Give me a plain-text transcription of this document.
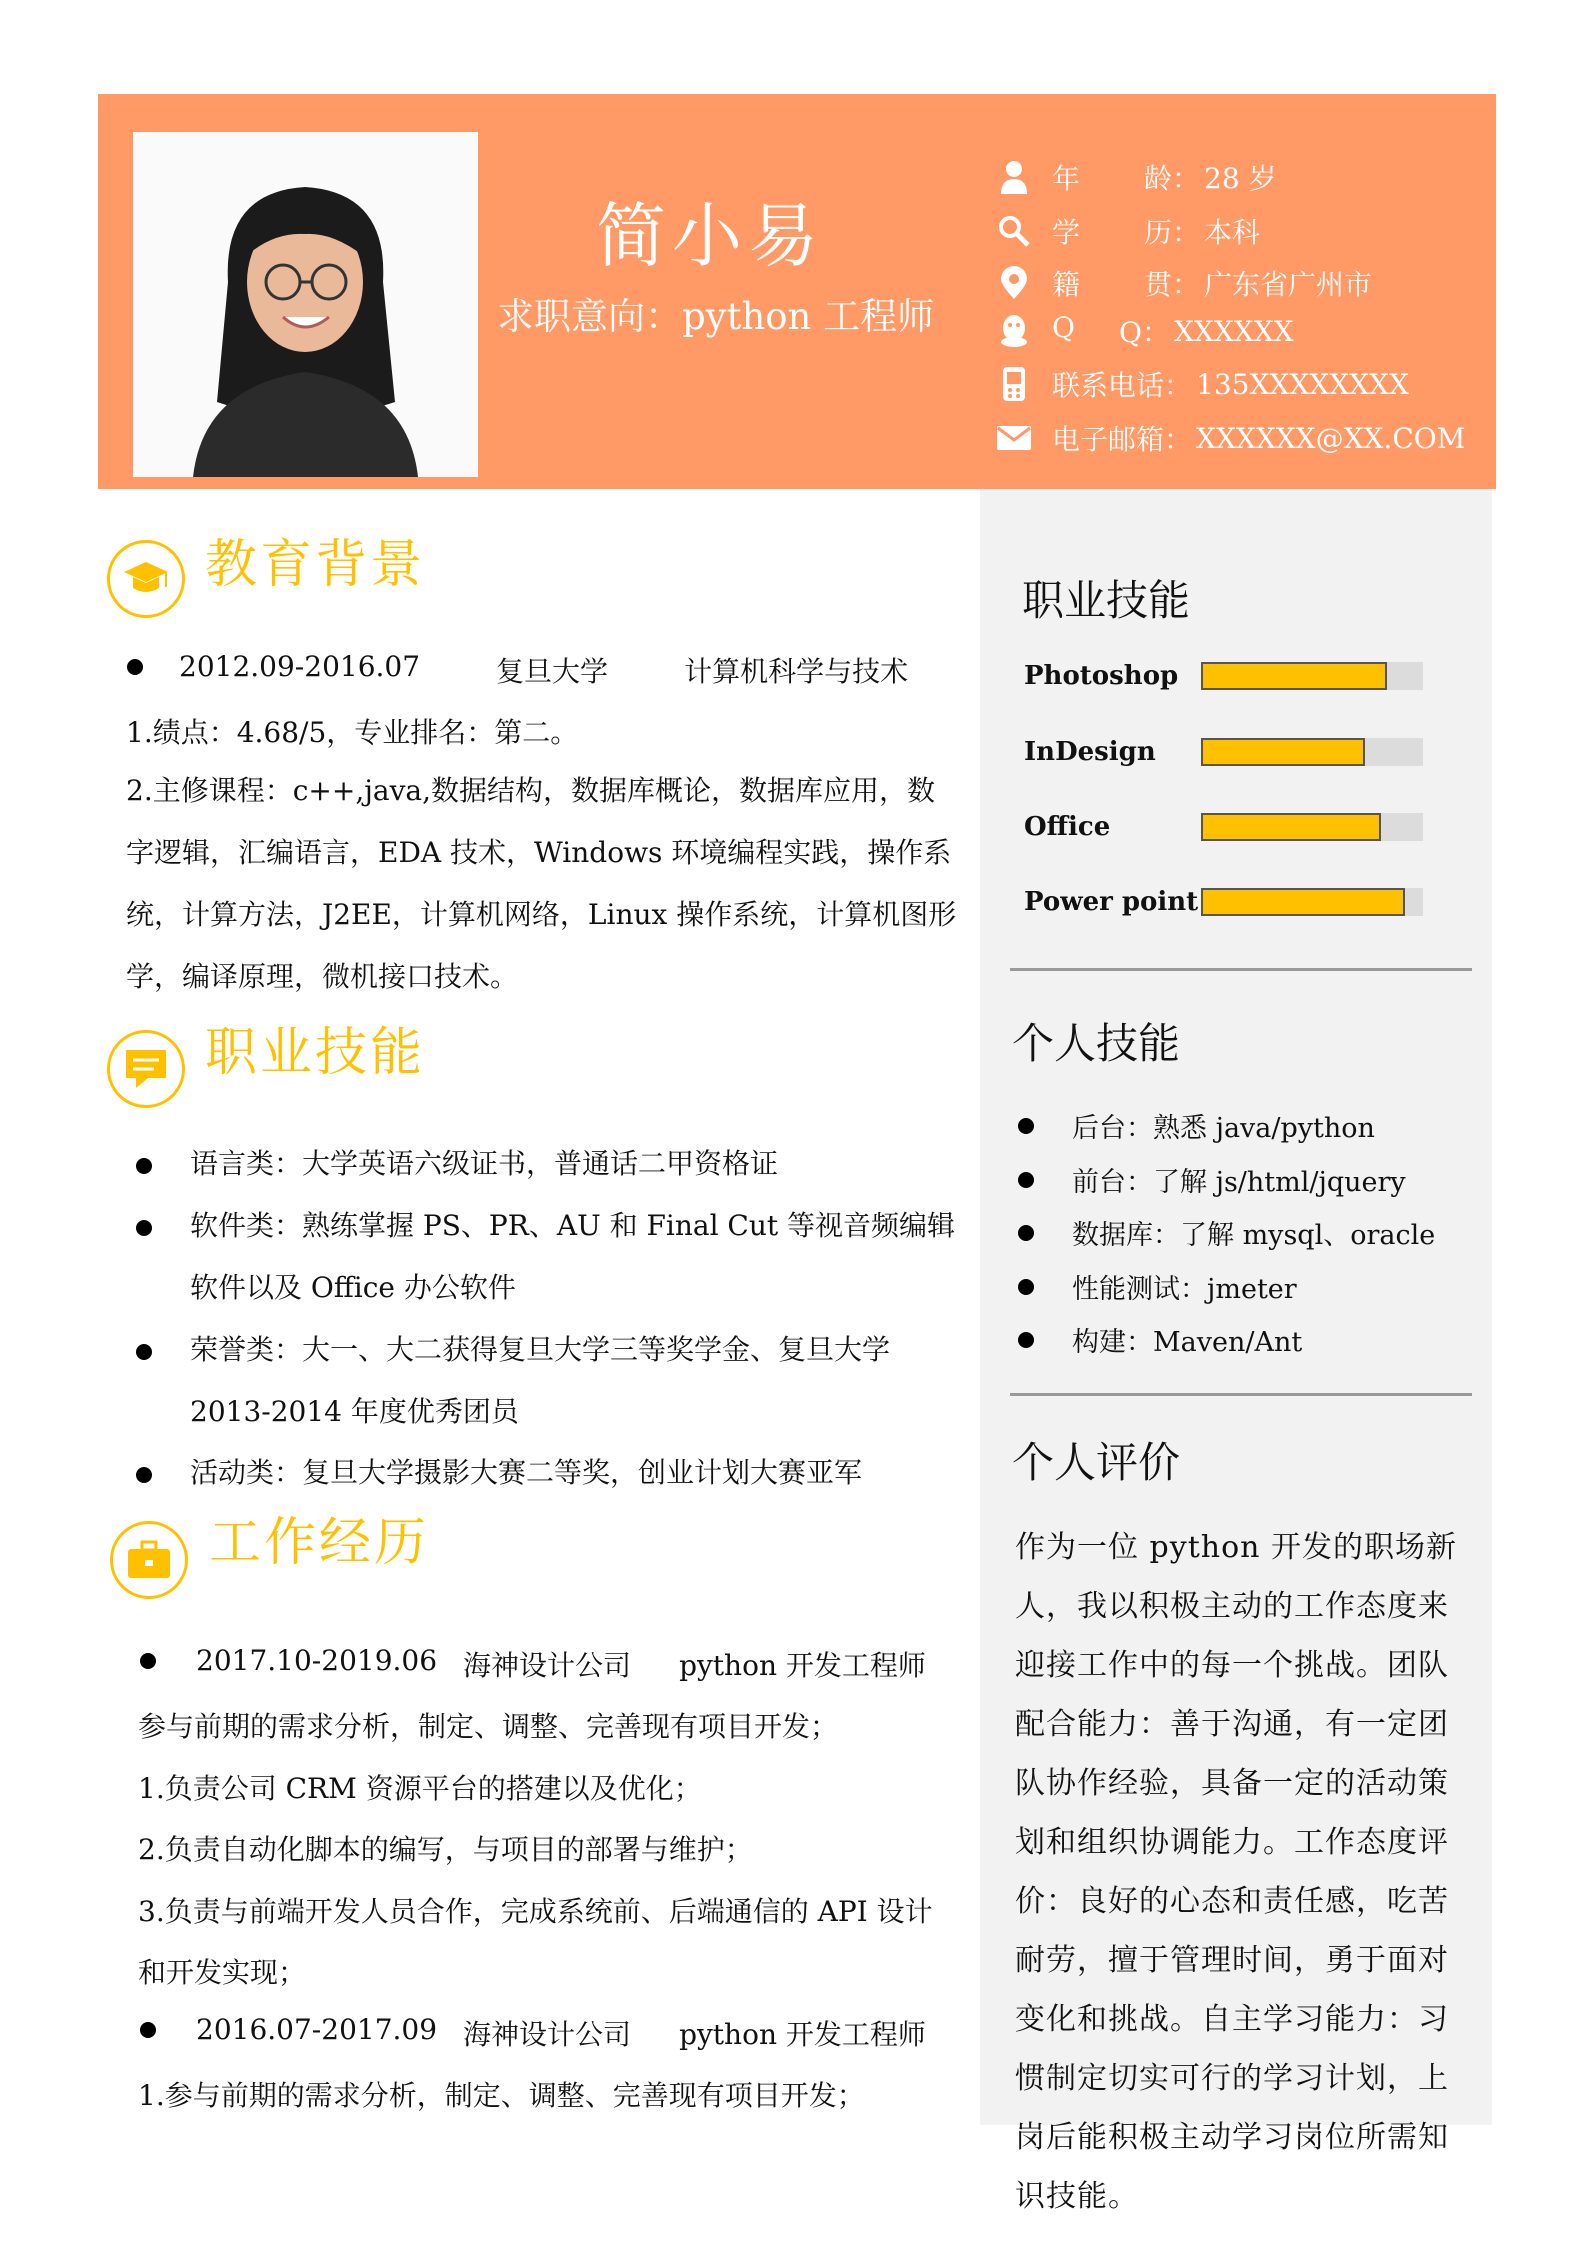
简小易
求职意向：python 工程师
年 龄： 28 岁
学 历： 本科
籍 贯： 广东省广州市
Q Q： XXXXXX
联系电话： 135XXXXXXXX
电子邮箱： XXXXXX@XX.COM
职业技能
Photoshop
InDesign
Office
Power point
个人技能
后台：熟悉 java/python
前台：了解 js/html/jquery
数据库：了解 mysql、oracle
性能测试：jmeter
构建：Maven/Ant
个人评价
作为一位 python 开发的职场新人，我以积极主动的工作态度来迎接工作中的每一个挑战。团队配合能力：善于沟通，有一定团队协作经验，具备一定的活动策划和组织协调能力。工作态度评价：良好的心态和责任感，吃苦耐劳，擅于管理时间，勇于面对变化和挑战。自主学习能力：习惯制定切实可行的学习计划，上岗后能积极主动学习岗位所需知识技能。
教育背景
2012.09-2016.07	复旦大学	计算机科学与技术
1.绩点：4.68/5，专业排名：第二。
2.主修课程：c++,java,数据结构，数据库概论，数据库应用，数字逻辑，汇编语言，EDA 技术，Windows 环境编程实践，操作系统，计算方法，J2EE，计算机网络，Linux 操作系统，计算机图形学，编译原理，微机接口技术。
职业技能
语言类：大学英语六级证书，普通话二甲资格证
软件类：熟练掌握 PS、PR、AU 和 Final Cut 等视音频编辑软件以及 Office 办公软件
荣誉类：大一、大二获得复旦大学三等奖学金、复旦大学 2013-2014 年度优秀团员
活动类：复旦大学摄影大赛二等奖，创业计划大赛亚军
工作经历
2017.10-2019.06 海神设计公司 python 开发工程师
参与前期的需求分析，制定、调整、完善现有项目开发；
1.负责公司 CRM 资源平台的搭建以及优化；
2.负责自动化脚本的编写，与项目的部署与维护；
3.负责与前端开发人员合作，完成系统前、后端通信的 API 设计
和开发实现；
2016.07-2017.09 海神设计公司 python 开发工程师
1.参与前期的需求分析，制定、调整、完善现有项目开发；
